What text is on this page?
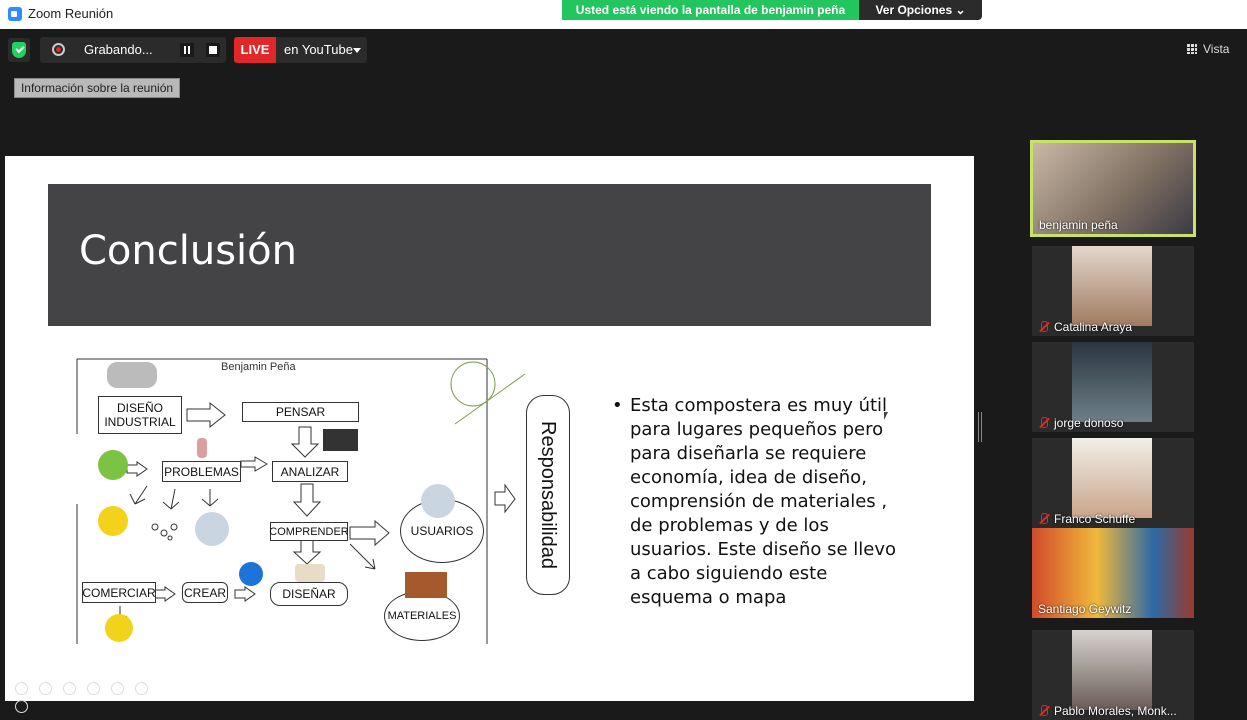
Zoom Reunión	Usted está viendo la pantalla de benjamin peña	Ver Opciones ⌄
Grabando...	LIVE	en YouTube	Vista
Información sobre la reunión
Conclusión
Benjamin Peña
DISEÑO INDUSTRIAL
PENSAR
ANALIZAR
PROBLEMAS
COMPRENDER	USUARIOS
DISEÑAR
CREAR
COMERCIAR
MATERIALES
Responsabilidad
• Esta compostera es muy útil para lugares pequeños pero para diseñarla se requiere economía, idea de diseño, comprensión de materiales , de problemas y de los usuarios. Este diseño se llevo a cabo siguiendo este esquema o mapa
benjamin peña
Catalina Araya
jorge donoso
Franco Schuffe
Santiago Geywitz
Pablo Morales, Monk...
